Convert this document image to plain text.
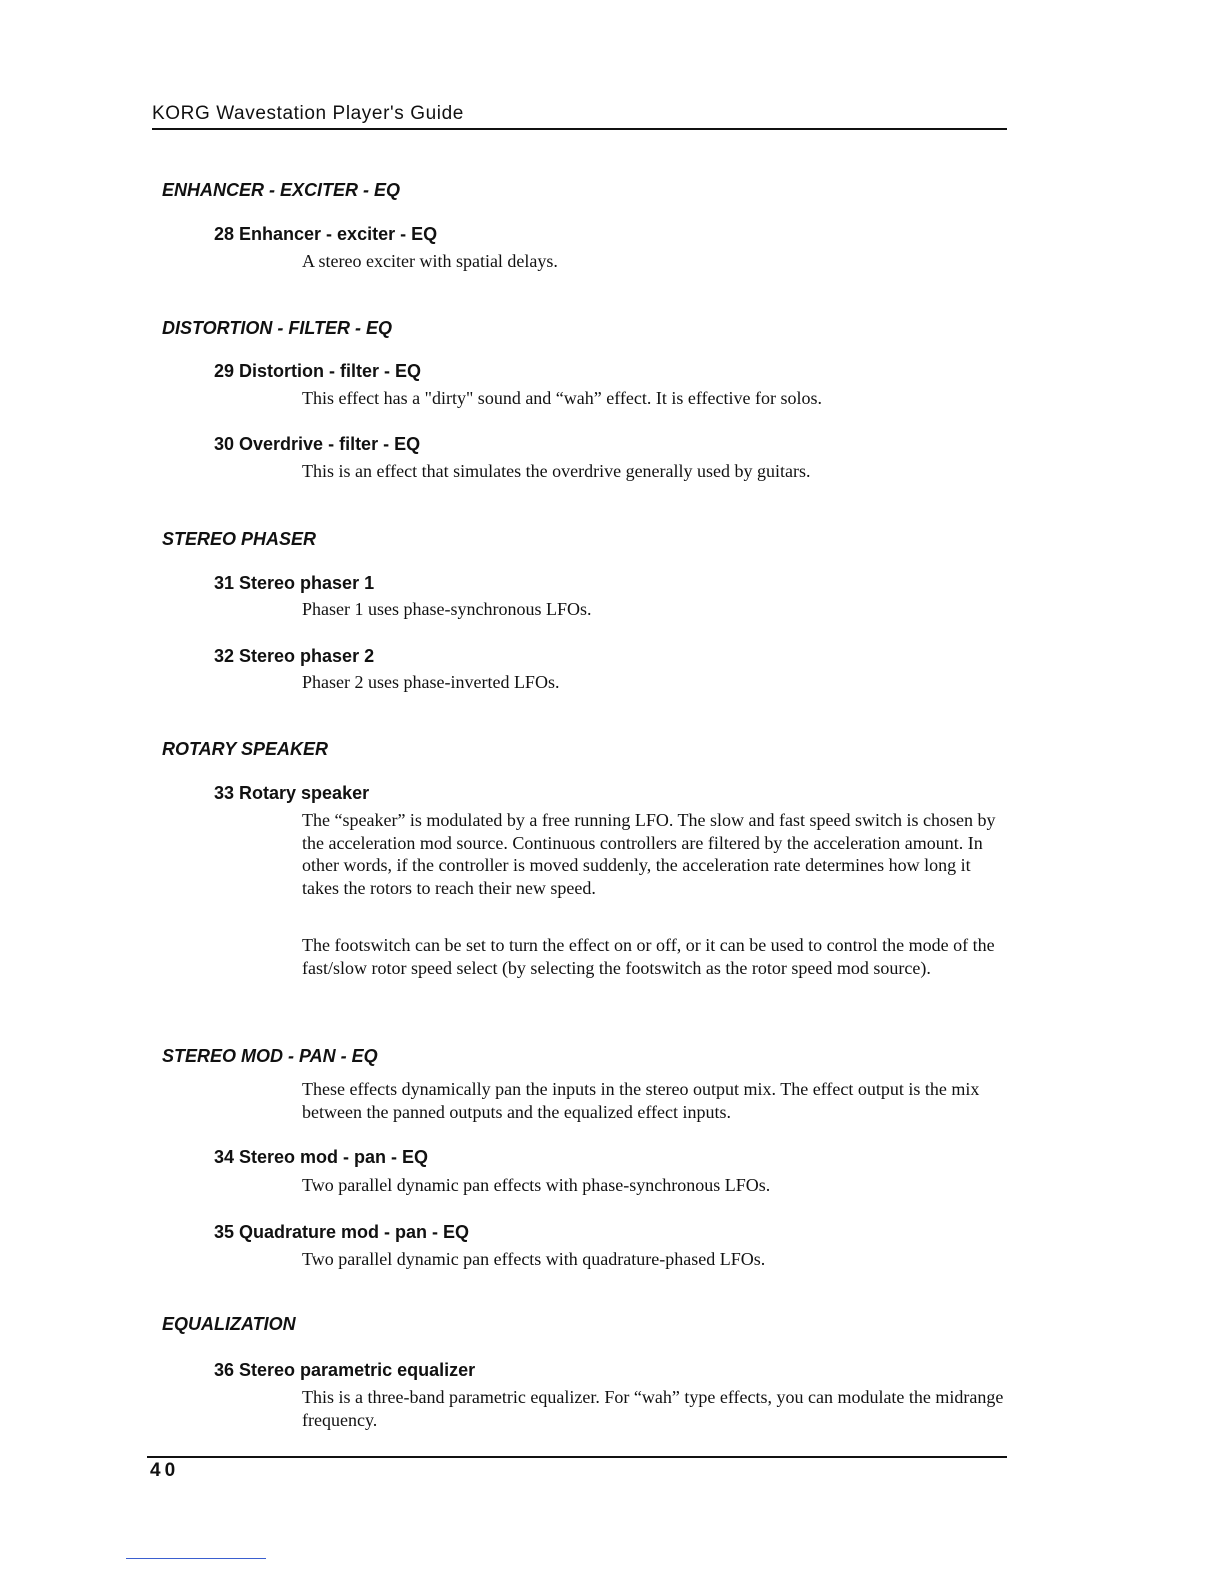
KORG Wavestation Player's Guide
ENHANCER - EXCITER - EQ
28 Enhancer - exciter - EQ
A stereo exciter with spatial delays.
DISTORTION - FILTER - EQ
29 Distortion - filter - EQ
This effect has a "dirty" sound and “wah” effect. It is effective for solos.
30 Overdrive - filter - EQ
This is an effect that simulates the overdrive generally used by guitars.
STEREO PHASER
31 Stereo phaser 1
Phaser 1 uses phase-synchronous LFOs.
32 Stereo phaser 2
Phaser 2 uses phase-inverted LFOs.
ROTARY SPEAKER
33 Rotary speaker
The “speaker” is modulated by a free running LFO. The slow and fast speed switch is chosen by the acceleration mod source. Continuous controllers are filtered by the acceleration amount. In other words, if the controller is moved suddenly, the acceleration rate determines how long it takes the rotors to reach their new speed.
The footswitch can be set to turn the effect on or off, or it can be used to control the mode of the fast/slow rotor speed select (by selecting the footswitch as the rotor speed mod source).
STEREO MOD - PAN - EQ
These effects dynamically pan the inputs in the stereo output mix. The effect output is the mix between the panned outputs and the equalized effect inputs.
34 Stereo mod - pan - EQ
Two parallel dynamic pan effects with phase-synchronous LFOs.
35 Quadrature mod - pan - EQ
Two parallel dynamic pan effects with quadrature-phased LFOs.
EQUALIZATION
36 Stereo parametric equalizer
This is a three-band parametric equalizer. For “wah” type effects, you can modulate the midrange frequency.
40
